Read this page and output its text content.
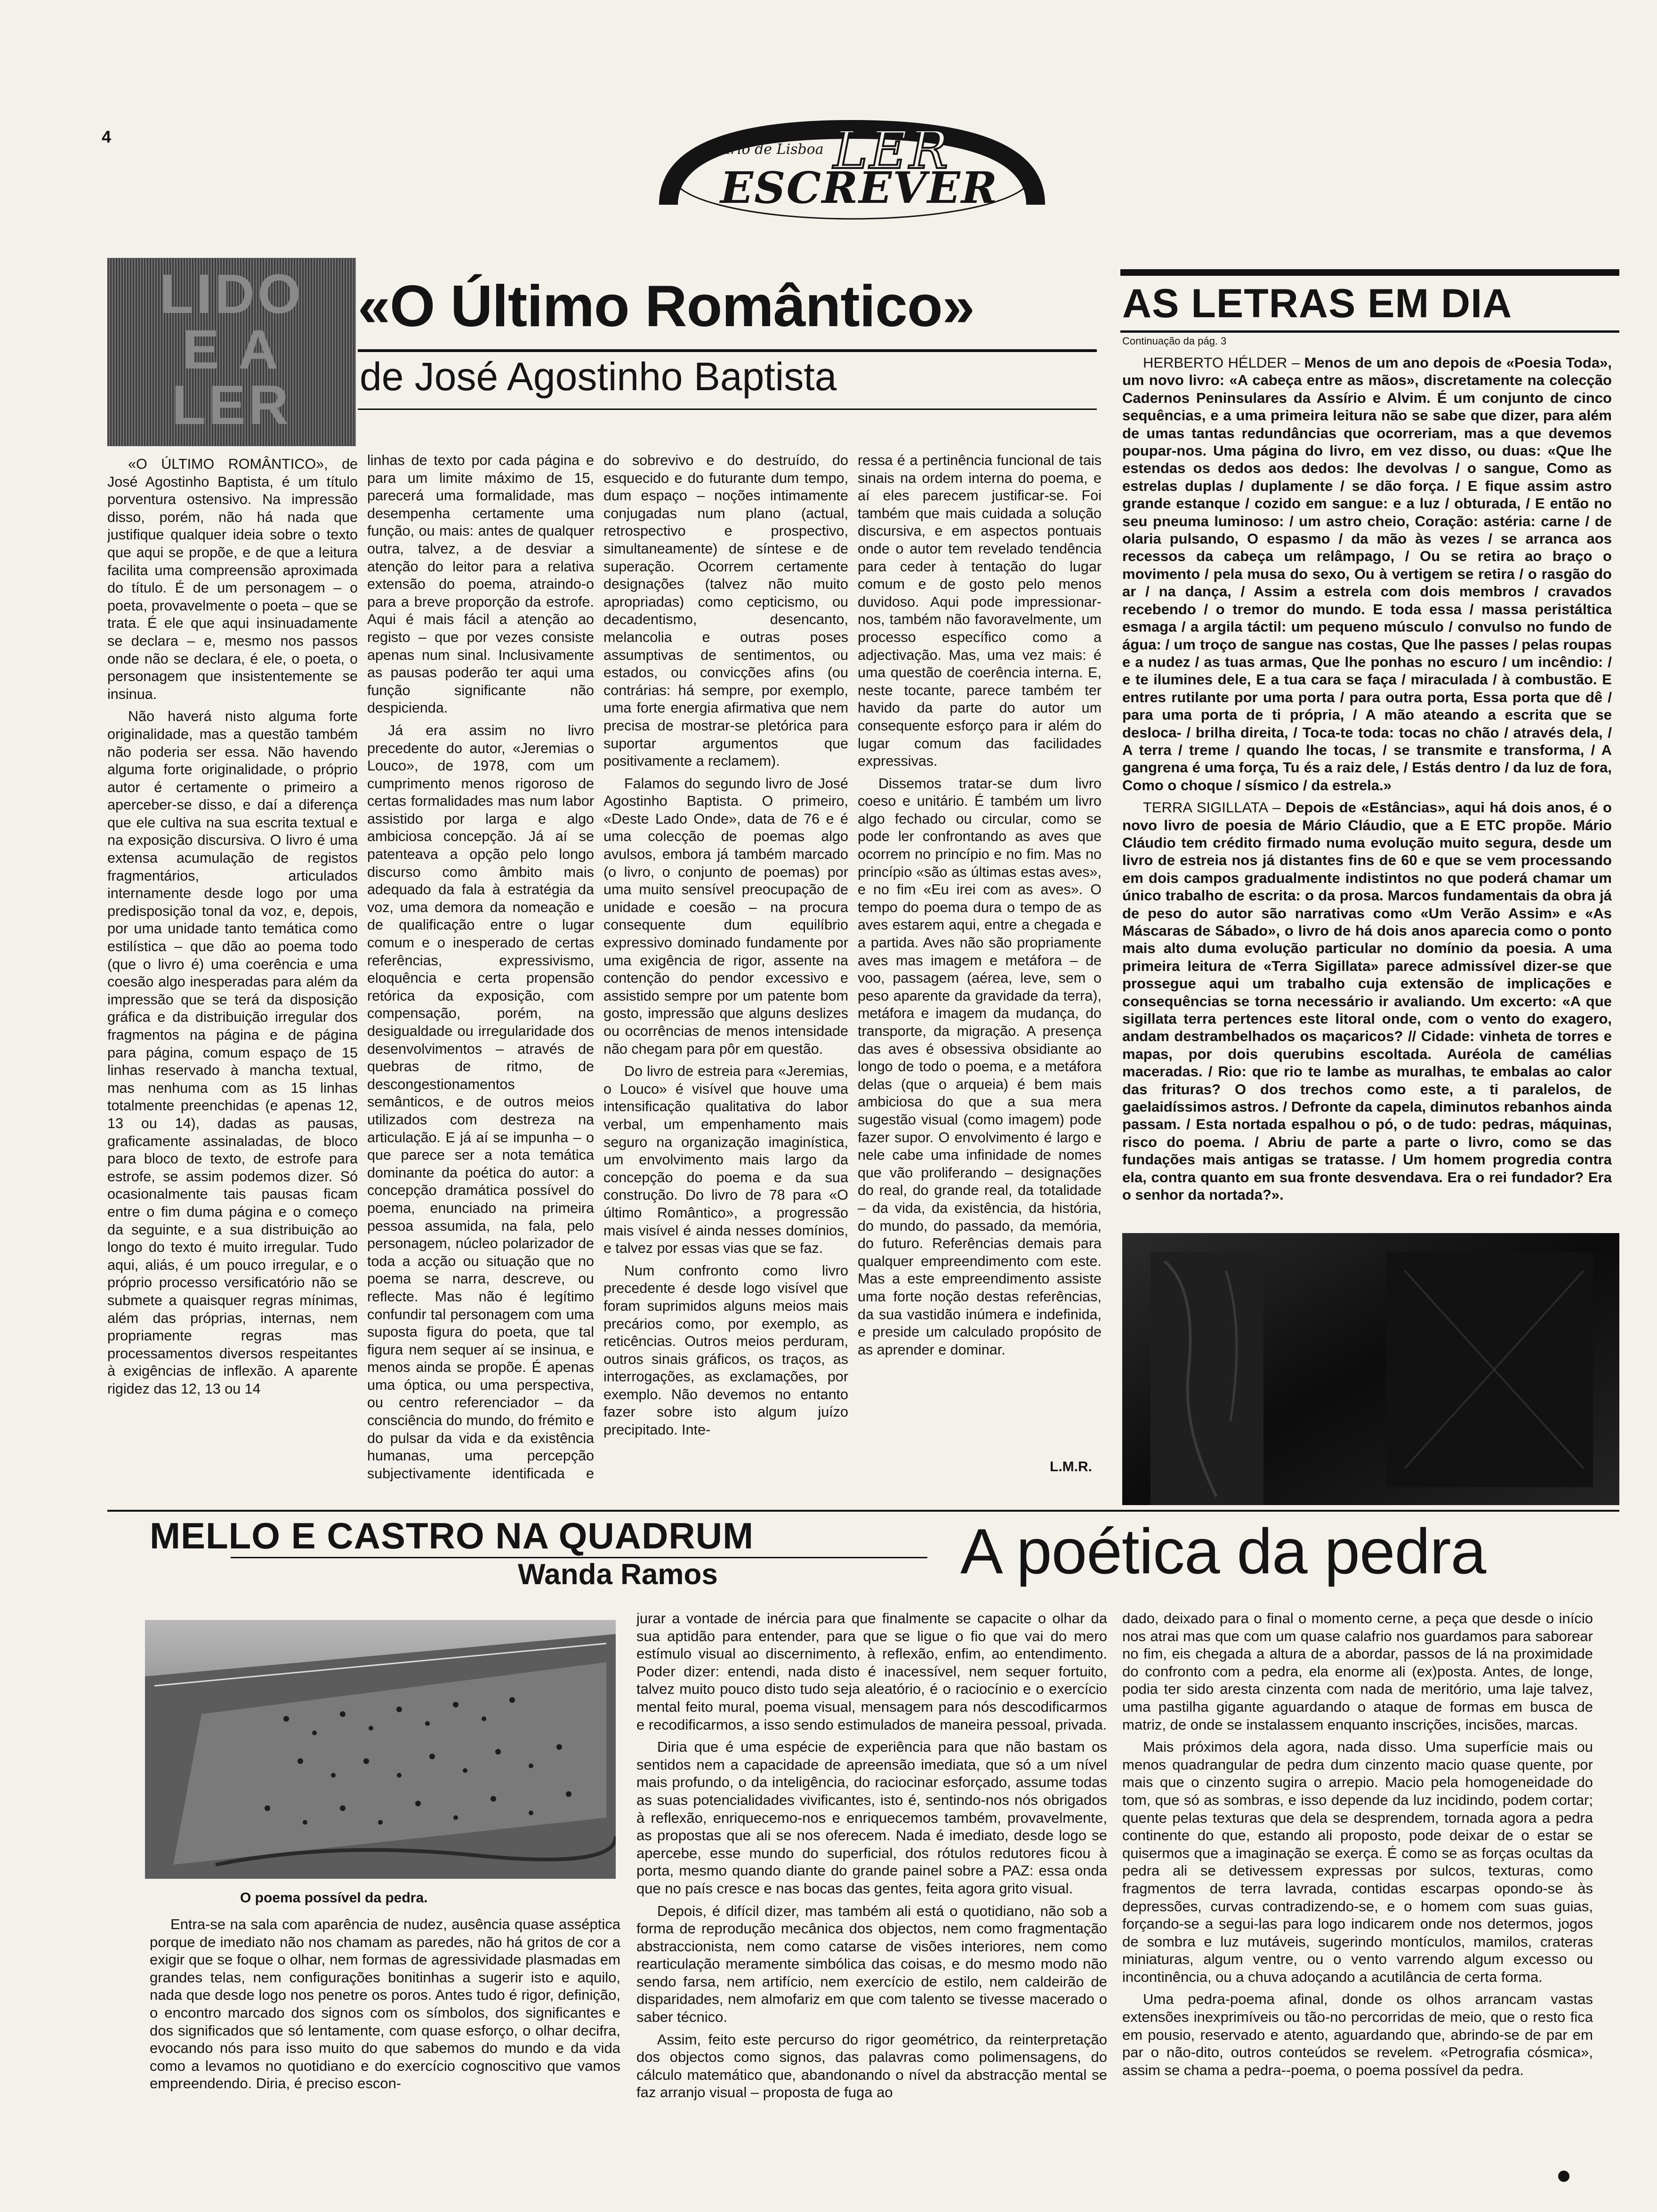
4
Diario de Lisboa LER
ESCREVER
LIDO
E A
LER
«O Último Romântico»
de José Agostinho Baptista

«O ÚLTIMO ROMÂNTICO», de José Agostinho Baptista, é um título porventura ostensivo. Na impressão disso, porém, não há nada que justifique qualquer ideia sobre o texto que aqui se propõe, e de que a leitura facilita uma compreensão aproximada do título. É de um personagem – o poeta, provavelmente o poeta – que se trata. É ele que aqui insinuadamente se declara – e, mesmo nos passos onde não se declara, é ele, o poeta, o personagem que insistentemente se insinua.

Não haverá nisto alguma forte originalidade, mas a questão também não poderia ser essa. Não havendo alguma forte originalidade, o próprio autor é certamente o primeiro a aperceber-se disso, e daí a diferença que ele cultiva na sua escrita textual e na exposição discursiva. O livro é uma extensa acumulação de registos fragmentários, articulados internamente desde logo por uma predisposição tonal da voz, e, depois, por uma unidade tanto temática como estilística – que dão ao poema todo (que o livro é) uma coerência e uma coesão algo inesperadas para além da impressão que se terá da disposição gráfica e da distribuição irregular dos fragmentos na página e de página para página, comum espaço de 15 linhas reservado à mancha textual, mas nenhuma com as 15 linhas totalmente preenchidas (e apenas 12, 13 ou 14), dadas as pausas, graficamente assinaladas, de bloco para bloco de texto, de estrofe para estrofe, se assim podemos dizer. Só ocasionalmente tais pausas ficam entre o fim duma página e o começo da seguinte, e a sua distribuição ao longo do texto é muito irregular. Tudo aqui, aliás, é um pouco irregular, e o próprio processo versificatório não se submete a quaisquer regras mínimas, além das próprias, internas, nem propriamente regras mas processamentos diversos respeitantes à exigências de inflexão. A aparente rigidez das 12, 13 ou 14

linhas de texto por cada página e para um limite máximo de 15, parecerá uma formalidade, mas desempenha certamente uma função, ou mais: antes de qualquer outra, talvez, a de desviar a atenção do leitor para a relativa extensão do poema, atraindo-o para a breve proporção da estrofe. Aqui é mais fácil a atenção ao registo – que por vezes consiste apenas num sinal. Inclusivamente as pausas poderão ter aqui uma função significante não despicienda.

Já era assim no livro precedente do autor, «Jeremias o Louco», de 1978, com um cumprimento menos rigoroso de certas formalidades mas num labor assistido por larga e algo ambiciosa concepção. Já aí se patenteava a opção pelo longo discurso como âmbito mais adequado da fala à estratégia da voz, uma demora da nomeação e de qualificação entre o lugar comum e o inesperado de certas referências, expressivismo, eloquência e certa propensão retórica da exposição, com compensação, porém, na desigualdade ou irregularidade dos desenvolvimentos – através de quebras de ritmo, de descongestionamentos semânticos, e de outros meios utilizados com destreza na articulação. E já aí se impunha – o que parece ser a nota temática dominante da poética do autor: a concepção dramática possível do poema, enunciado na primeira pessoa assumida, na fala, pelo personagem, núcleo polarizador de toda a acção ou situação que no poema se narra, descreve, ou reflecte. Mas não é legítimo confundir tal personagem com uma suposta figura do poeta, que tal figura nem sequer aí se insinua, e menos ainda se propõe. É apenas uma óptica, ou uma perspectiva, ou centro referenciador – da consciência do mundo, do frémito e do pulsar da vida e da existência humanas, uma percepção subjectivamente identificada e

do sobrevivo e do destruído, do esquecido e do futurante dum tempo, dum espaço – noções intimamente conjugadas num plano (actual, retrospectivo e prospectivo, simultaneamente) de síntese e de superação. Ocorrem certamente designações (talvez não muito apropriadas) como cepticismo, ou decadentismo, desencanto, melancolia e outras poses assumptivas de sentimentos, ou estados, ou convicções afins (ou contrárias: há sempre, por exemplo, uma forte energia afirmativa que nem precisa de mostrar-se pletórica para suportar argumentos que positivamente a reclamem).

Falamos do segundo livro de José Agostinho Baptista. O primeiro, «Deste Lado Onde», data de 76 e é uma colecção de poemas algo avulsos, embora já também marcado (o livro, o conjunto de poemas) por uma muito sensível preocupação de unidade e coesão – na procura consequente dum equilíbrio expressivo dominado fundamente por uma exigência de rigor, assente na contenção do pendor excessivo e assistido sempre por um patente bom gosto, impressão que alguns deslizes ou ocorrências de menos intensidade não chegam para pôr em questão.

Do livro de estreia para «Jeremias, o Louco» é visível que houve uma intensificação qualitativa do labor verbal, um empenhamento mais seguro na organização imaginística, um envolvimento mais largo da concepção do poema e da sua construção. Do livro de 78 para «O último Romântico», a progressão mais visível é ainda nesses domínios, e talvez por essas vias que se faz.

Num confronto como livro precedente é desde logo visível que foram suprimidos alguns meios mais precários como, por exemplo, as reticências. Outros meios perduram, outros sinais gráficos, os traços, as interrogações, as exclamações, por exemplo. Não devemos no entanto fazer sobre isto algum juízo precipitado. Inte-

ressa é a pertinência funcional de tais sinais na ordem interna do poema, e aí eles parecem justificar-se. Foi também que mais cuidada a solução discursiva, e em aspectos pontuais onde o autor tem revelado tendência para ceder à tentação do lugar comum e de gosto pelo menos duvidoso. Aqui pode impressionar-nos, também não favoravelmente, um processo específico como a adjectivação. Mas, uma vez mais: é uma questão de coerência interna. E, neste tocante, parece também ter havido da parte do autor um consequente esforço para ir além do lugar comum das facilidades expressivas.

Dissemos tratar-se dum livro coeso e unitário. É também um livro algo fechado ou circular, como se pode ler confrontando as aves que ocorrem no princípio e no fim. Mas no princípio «são as últimas estas aves», e no fim «Eu irei com as aves». O tempo do poema dura o tempo de as aves estarem aqui, entre a chegada e a partida. Aves não são propriamente aves mas imagem e metáfora – de voo, passagem (aérea, leve, sem o peso aparente da gravidade da terra), metáfora e imagem da mudança, do transporte, da migração. A presença das aves é obsessiva obsidiante ao longo de todo o poema, e a metáfora delas (que o arqueia) é bem mais ambiciosa do que a sua mera sugestão visual (como imagem) pode fazer supor. O envolvimento é largo e nele cabe uma infinidade de nomes que vão proliferando – designações do real, do grande real, da totalidade – da vida, da existência, da história, do mundo, do passado, da memória, do futuro. Referências demais para qualquer empreendimento com este. Mas a este empreendimento assiste uma forte noção destas referências, da sua vastidão inúmera e indefinida, e preside um calculado propósito de as aprender e dominar.

L.M.R.
AS LETRAS EM DIA
Continuação da pág. 3

HERBERTO HÉLDER – Menos de um ano depois de «Poesia Toda», um novo livro: «A cabeça entre as mãos», discretamente na colecção Cadernos Peninsulares da Assírio e Alvim. É um conjunto de cinco sequências, e a uma primeira leitura não se sabe que dizer, para além de umas tantas redundâncias que ocorreriam, mas a que devemos poupar-nos. Uma página do livro, em vez disso, ou duas: «Que lhe estendas os dedos aos dedos: lhe devolvas / o sangue, Como as estrelas duplas / duplamente / se dão força. / E fique assim astro grande estanque / cozido em sangue: e a luz / obturada, / E então no seu pneuma luminoso: / um astro cheio, Coração: astéria: carne / de olaria pulsando, O espasmo / da mão às vezes / se arranca aos recessos da cabeça um relâmpago, / Ou se retira ao braço o movimento / pela musa do sexo, Ou à vertigem se retira / o rasgão do ar / na dança, / Assim a estrela com dois membros / cravados recebendo / o tremor do mundo. E toda essa / massa peristáltica esmaga / a argila táctil: um pequeno músculo / convulso no fundo de água: / um troço de sangue nas costas, Que lhe passes / pelas roupas e a nudez / as tuas armas, Que lhe ponhas no escuro / um incêndio: / e te ilumines dele, E a tua cara se faça / miraculada / à combustão. E entres rutilante por uma porta / para outra porta, Essa porta que dê / para uma porta de ti própria, / A mão ateando a escrita que se desloca- / brilha direita, / Toca-te toda: tocas no chão / através dela, / A terra / treme / quando lhe tocas, / se transmite e transforma, / A gangrena é uma força, Tu és a raiz dele, / Estás dentro / da luz de fora, Como o choque / sísmico / da estrela.»

TERRA SIGILLATA – Depois de «Estâncias», aqui há dois anos, é o novo livro de poesia de Mário Cláudio, que a E ETC propõe. Mário Cláudio tem crédito firmado numa evolução muito segura, desde um livro de estreia nos já distantes fins de 60 e que se vem processando em dois campos gradualmente indistintos no que poderá chamar um único trabalho de escrita: o da prosa. Marcos fundamentais da obra já de peso do autor são narrativas como «Um Verão Assim» e «As Máscaras de Sábado», o livro de há dois anos aparecia como o ponto mais alto duma evolução particular no domínio da poesia. A uma primeira leitura de «Terra Sigillata» parece admissível dizer-se que prossegue aqui um trabalho cuja extensão de implicações e consequências se torna necessário ir avaliando. Um excerto: «A que sigillata terra pertences este litoral onde, com o vento do exagero, andam destrambelhados os maçaricos? // Cidade: vinheta de torres e mapas, por dois querubins escoltada. Auréola de camélias maceradas. / Rio: que rio te lambe as muralhas, te embalas ao calor das frituras? O dos trechos como este, a ti paralelos, de gaelaidíssimos astros. / Defronte da capela, diminutos rebanhos ainda passam. / Esta nortada espalhou o pó, o de tudo: pedras, máquinas, risco do poema. / Abriu de parte a parte o livro, como se das fundações mais antigas se tratasse. / Um homem progredia contra ela, contra quanto em sua fronte desvendava. Era o rei fundador? Era o senhor da nortada?».

MELLO E CASTRO NA QUADRUM
Wanda Ramos	A poética da pedra
O poema possível da pedra.

Entra-se na sala com aparência de nudez, ausência quase asséptica porque de imediato não nos chamam as paredes, não há gritos de cor a exigir que se foque o olhar, nem formas de agressividade plasmadas em grandes telas, nem configurações bonitinhas a sugerir isto e aquilo, nada que desde logo nos penetre os poros. Antes tudo é rigor, definição, o encontro marcado dos signos com os símbolos, dos significantes e dos significados que só lentamente, com quase esforço, o olhar decifra, evocando nós para isso muito do que sabemos do mundo e da vida como a levamos no quotidiano e do exercício cognoscitivo que vamos empreendendo. Diria, é preciso escon-

jurar a vontade de inércia para que finalmente se capacite o olhar da sua aptidão para entender, para que se ligue o fio que vai do mero estímulo visual ao discernimento, à reflexão, enfim, ao entendimento. Poder dizer: entendi, nada disto é inacessível, nem sequer fortuito, talvez muito pouco disto tudo seja aleatório, é o raciocínio e o exercício mental feito mural, poema visual, mensagem para nós descodificarmos e recodificarmos, a isso sendo estimulados de maneira pessoal, privada.

Diria que é uma espécie de experiência para que não bastam os sentidos nem a capacidade de apreensão imediata, que só a um nível mais profundo, o da inteligência, do raciocinar esforçado, assume todas as suas potencialidades vivificantes, isto é, sentindo-nos nós obrigados à reflexão, enriquecemo-nos e enriquecemos também, provavelmente, as propostas que ali se nos oferecem. Nada é imediato, desde logo se apercebe, esse mundo do superficial, dos rótulos redutores ficou à porta, mesmo quando diante do grande painel sobre a PAZ: essa onda que no país cresce e nas bocas das gentes, feita agora grito visual.

Depois, é difícil dizer, mas também ali está o quotidiano, não sob a forma de reprodução mecânica dos objectos, nem como fragmentação abstraccionista, nem como catarse de visões interiores, nem como rearticulação meramente simbólica das coisas, e do mesmo modo não sendo farsa, nem artifício, nem exercício de estilo, nem caldeirão de disparidades, nem almofariz em que com talento se tivesse macerado o saber técnico.

Assim, feito este percurso do rigor geométrico, da reinterpretação dos objectos como signos, das palavras como polimensagens, do cálculo matemático que, abandonando o nível da abstracção mental se faz arranjo visual – proposta de fuga ao

dado, deixado para o final o momento cerne, a peça que desde o início nos atrai mas que com um quase calafrio nos guardamos para saborear no fim, eis chegada a altura de a abordar, passos de lá na proximidade do confronto com a pedra, ela enorme ali (ex)posta. Antes, de longe, podia ter sido aresta cinzenta com nada de meritório, uma laje talvez, uma pastilha gigante aguardando o ataque de formas em busca de matriz, de onde se instalassem enquanto inscrições, incisões, marcas.

Mais próximos dela agora, nada disso. Uma superfície mais ou menos quadrangular de pedra dum cinzento macio quase quente, por mais que o cinzento sugira o arrepio. Macio pela homogeneidade do tom, que só as sombras, e isso depende da luz incidindo, podem cortar; quente pelas texturas que dela se desprendem, tornada agora a pedra continente do que, estando ali proposto, pode deixar de o estar se quisermos que a imaginação se exerça. É como se as forças ocultas da pedra ali se detivessem expressas por sulcos, texturas, como fragmentos de terra lavrada, contidas escarpas opondo-se às depressões, curvas contradizendo-se, e o homem com suas guias, forçando-se a segui-las para logo indicarem onde nos determos, jogos de sombra e luz mutáveis, sugerindo montículos, mamilos, crateras miniaturas, algum ventre, ou o vento varrendo algum excesso ou incontinência, ou a chuva adoçando a acutilância de certa forma.

Uma pedra-poema afinal, donde os olhos arrancam vastas extensões inexprimíveis ou tão-no percorridas de meio, que o resto fica em pousio, reservado e atento, aguardando que, abrindo-se de par em par o não-dito, outros conteúdos se revelem. «Petrografia cósmica», assim se chama a pedra--poema, o poema possível da pedra.
